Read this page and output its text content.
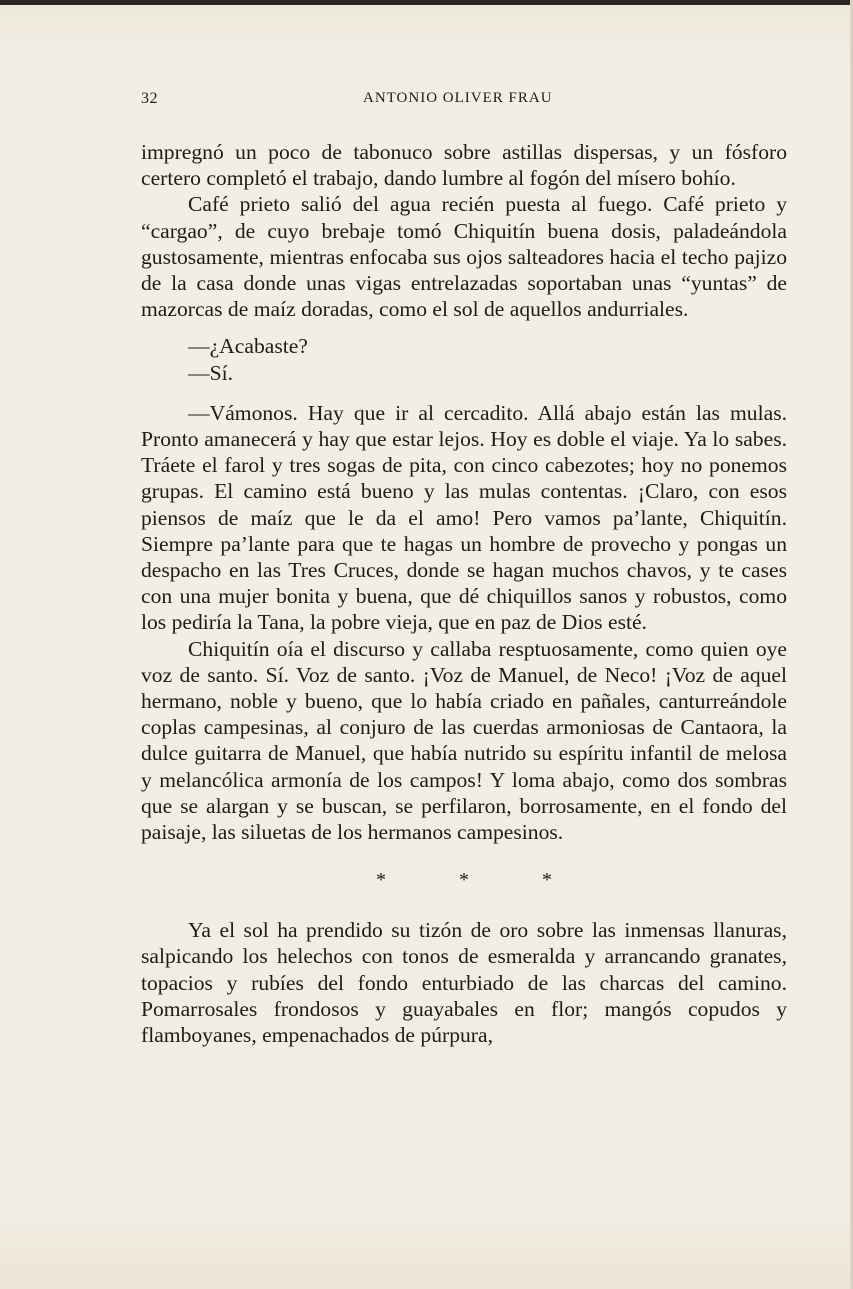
32	ANTONIO OLIVER FRAU

impregnó un poco de tabonuco sobre astillas dispersas, y un fósforo certero completó el trabajo, dando lumbre al fogón del mísero bohío.

Café prieto salió del agua recién puesta al fuego. Café prieto y “cargao”, de cuyo brebaje tomó Chiquitín buena dosis, paladeándola gustosamente, mientras enfocaba sus ojos salteadores hacia el techo pajizo de la casa donde unas vigas entrelazadas soportaban unas “yuntas” de mazorcas de maíz doradas, como el sol de aquellos andurriales.

—¿Acabaste?

—Sí.

—Vámonos. Hay que ir al cercadito. Allá abajo están las mulas. Pronto amanecerá y hay que estar lejos. Hoy es doble el viaje. Ya lo sabes. Tráete el farol y tres sogas de pita, con cinco cabezotes; hoy no ponemos grupas. El camino está bueno y las mulas contentas. ¡Claro, con esos piensos de maíz que le da el amo! Pero vamos pa’lante, Chiquitín. Siempre pa’lante para que te hagas un hombre de provecho y pongas un despacho en las Tres Cruces, donde se hagan muchos chavos, y te cases con una mujer bonita y buena, que dé chiquillos sanos y robustos, como los pediría la Tana, la pobre vieja, que en paz de Dios esté.

Chiquitín oía el discurso y callaba resptuosamente, como quien oye voz de santo. Sí. Voz de santo. ¡Voz de Manuel, de Neco! ¡Voz de aquel hermano, noble y bueno, que lo había criado en pañales, canturreándole coplas campesinas, al conjuro de las cuerdas armoniosas de Cantaora, la dulce guitarra de Manuel, que había nutrido su espíritu infantil de melosa y melancólica armonía de los campos! Y loma abajo, como dos sombras que se alargan y se buscan, se perfilaron, borrosamente, en el fondo del paisaje, las siluetas de los hermanos campesinos.

* * *

Ya el sol ha prendido su tizón de oro sobre las inmensas llanuras, salpicando los helechos con tonos de esmeralda y arrancando granates, topacios y rubíes del fondo enturbiado de las charcas del camino. Pomarrosales frondosos y guayabales en flor; mangós copudos y flamboyanes, empenachados de púrpura,
